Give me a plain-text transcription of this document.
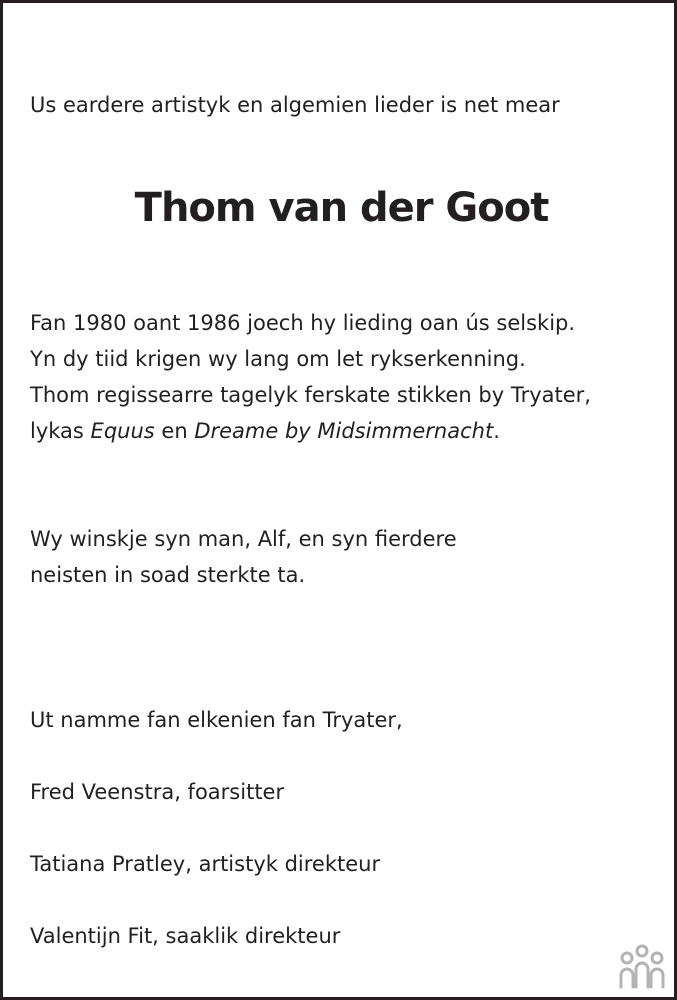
Us eardere artistyk en algemien lieder is net mear

Thom van der Goot
Fan 1980 oant 1986 joech hy lieding oan ús selskip.
Yn dy tiid krigen wy lang om let rykserkenning.
Thom regissearre tagelyk ferskate stikken by Tryater,
lykas Equus en Dreame by Midsimmernacht.
Wy winskje syn man, Alf, en syn fierdere
neisten in soad sterkte ta.

Ut namme fan elkenien fan Tryater,

Fred Veenstra, foarsitter

Tatiana Pratley, artistyk direkteur

Valentijn Fit, saaklik direkteur
